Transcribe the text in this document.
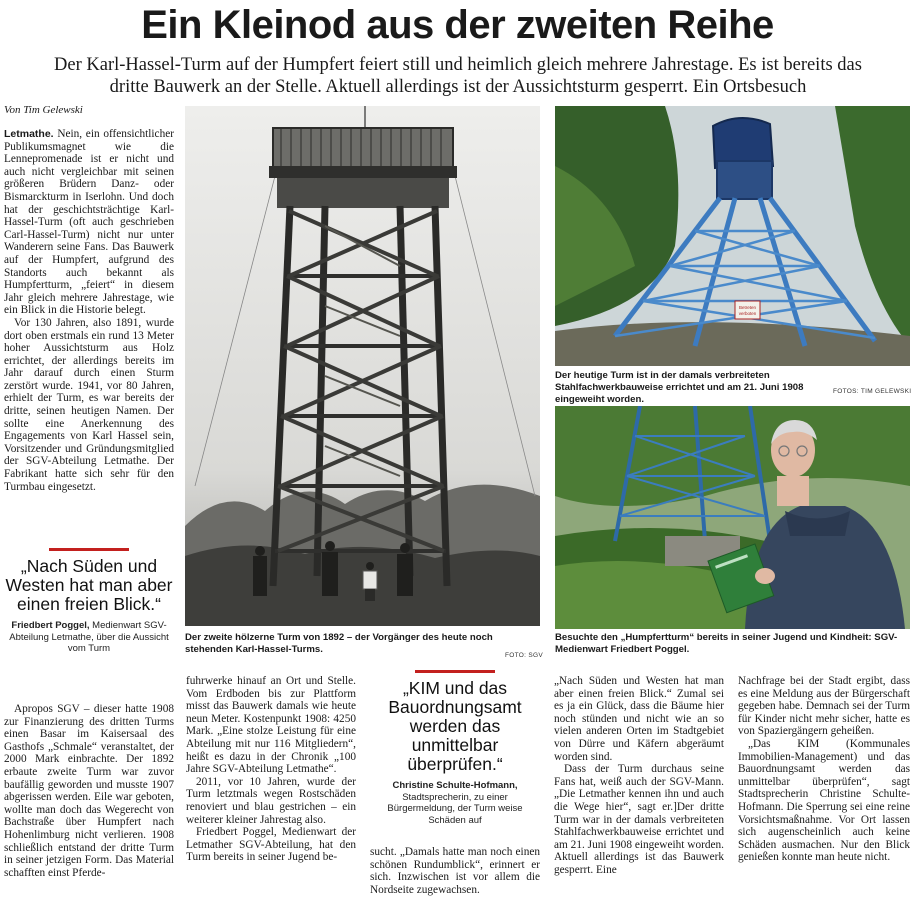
Ein Kleinod aus der zweiten Reihe
Der Karl-Hassel-Turm auf der Humpfert feiert still und heimlich gleich mehrere Jahrestage. Es ist bereits das
dritte Bauwerk an der Stelle. Aktuell allerdings ist der Aussichtsturm gesperrt. Ein Ortsbesuch
Von Tim Gelewski

Letmathe. Nein, ein offensichtlicher Publikumsmagnet wie die Lennepromenade ist er nicht und auch nicht vergleichbar mit seinen größeren Brüdern Danz- oder Bismarckturm in Iserlohn. Und doch hat der geschichtsträchtige Karl-Hassel-Turm (oft auch geschrieben Carl-Hassel-Turm) nicht nur unter Wanderern seine Fans. Das Bauwerk auf der Humpfert, aufgrund des Standorts auch bekannt als Humpfertturm, „feiert“ in diesem Jahr gleich mehrere Jahrestage, wie ein Blick in die Historie belegt.

Vor 130 Jahren, also 1891, wurde dort oben erstmals ein rund 13 Meter hoher Aussichtsturm aus Holz errichtet, der allerdings bereits im Jahr darauf durch einen Sturm zerstört wurde. 1941, vor 80 Jahren, erhielt der Turm, es war bereits der dritte, seinen heutigen Namen. Der sollte eine Anerkennung des Engagements von Karl Hassel sein, Vorsitzender und Gründungsmitglied der SGV-Abteilung Letmathe. Der Fabrikant hatte sich sehr für den Turmbau eingesetzt.

„Nach Süden und Westen hat man aber einen freien Blick.“
Friedbert Poggel, Medienwart SGV-Abteilung Letmathe, über die Aussicht vom Turm

Apropos SGV – dieser hatte 1908 zur Finanzierung des dritten Turms einen Basar im Kaisersaal des Gasthofs „Schmale“ veranstaltet, der 2000 Mark einbrachte. Der 1892 erbaute zweite Turm war zuvor baufällig geworden und musste 1907 abgerissen werden. Eile war geboten, wollte man doch das Wegerecht von Bachstraße über Humpfert nach Hohenlimburg nicht verlieren. 1908 schließlich entstand der dritte Turm in seiner jetzigen Form. Das Material schafften einst Pferde-

Der zweite hölzerne Turm von 1892 – der Vorgänger des heute noch stehenden Karl-Hassel-Turms.
FOTO: SGV
Betreten
verboten
Der heutige Turm ist in der damals verbreiteten Stahlfachwerkbauweise errichtet und am 21. Juni 1908 eingeweiht worden.
FOTOS: TIM GELEWSKI
Besuchte den „Humpfertturm“ bereits in seiner Jugend und Kindheit: SGV-Medienwart Friedbert Poggel.

fuhrwerke hinauf an Ort und Stelle. Vom Erdboden bis zur Plattform misst das Bauwerk damals wie heute neun Meter. Kostenpunkt 1908: 4250 Mark. „Eine stolze Leistung für eine Abteilung mit nur 116 Mitgliedern“, heißt es dazu in der Chronik „100 Jahre SGV-Abteilung Letmathe“.

2011, vor 10 Jahren, wurde der Turm letztmals wegen Rostschäden renoviert und blau gestrichen – ein weiterer kleiner Jahrestag also.

Friedbert Poggel, Medienwart der Letmather SGV-Abteilung, hat den Turm bereits in seiner Jugend be-

„KIM und das Bauordnungsamt werden das unmittelbar überprüfen.“
Christine Schulte-Hofmann, Stadtsprecherin, zu einer Bürgermeldung, der Turm weise Schäden auf

sucht. „Damals hatte man noch einen schönen Rundumblick“, erinnert er sich. Inzwischen ist vor allem die Nordseite zugewachsen.

„Nach Süden und Westen hat man aber einen freien Blick.“ Zumal sei es ja ein Glück, dass die Bäume hier noch stünden und nicht wie an so vielen anderen Orten im Stadtgebiet von Dürre und Käfern abgeräumt worden sind.

Dass der Turm durchaus seine Fans hat, weiß auch der SGV-Mann. „Die Letmather kennen ihn und auch die Wege hier“, sagt er.]Der dritte Turm war in der damals verbreiteten Stahlfachwerkbauweise errichtet und am 21. Juni 1908 eingeweiht worden. Aktuell allerdings ist das Bauwerk gesperrt. Eine

Nachfrage bei der Stadt ergibt, dass es eine Meldung aus der Bürgerschaft gegeben habe. Demnach sei der Turm für Kinder nicht mehr sicher, hatte es von Spaziergängern geheißen.

„Das KIM (Kommunales Immobilien-Management) und das Bauordnungsamt werden das unmittelbar überprüfen“, sagt Stadtsprecherin Christine Schulte-Hofmann. Die Sperrung sei eine reine Vorsichtsmaßnahme. Vor Ort lassen sich augenscheinlich auch keine Schäden ausmachen. Nur den Blick genießen konnte man heute nicht.
